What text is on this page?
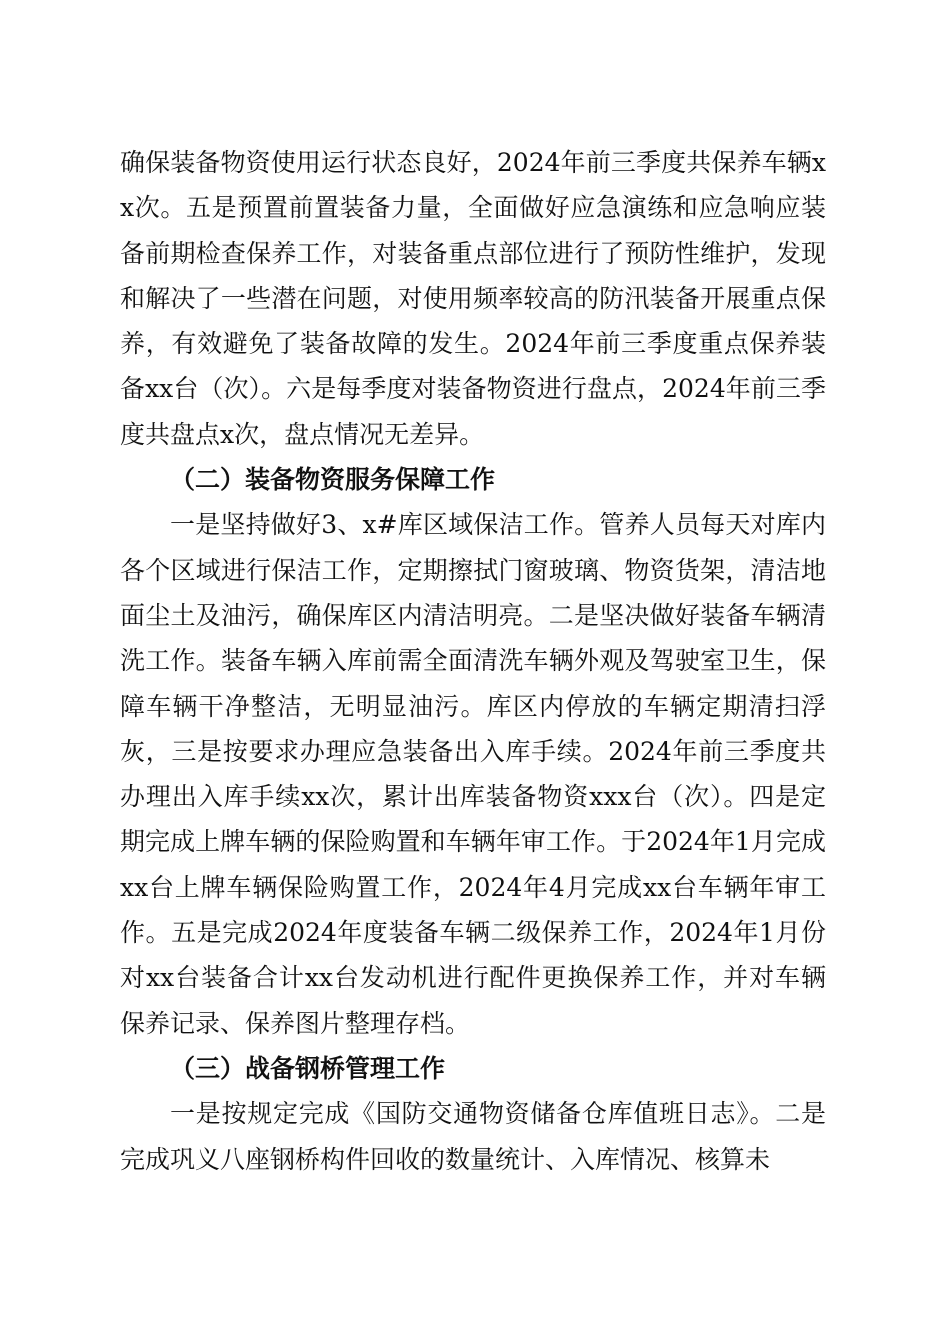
确保装备物资使用运行状态良好，2024年前三季度共保养车辆xx次。五是预置前置装备力量，全面做好应急演练和应急响应装备前期检查保养工作，对装备重点部位进行了预防性维护，发现和解决了一些潜在问题，对使用频率较高的防汛装备开展重点保养，有效避免了装备故障的发生。2024年前三季度重点保养装备xx台（次）。六是每季度对装备物资进行盘点，2024年前三季度共盘点x次，盘点情况无差异。

（二）装备物资服务保障工作

一是坚持做好3、x#库区域保洁工作。管养人员每天对库内各个区域进行保洁工作，定期擦拭门窗玻璃、物资货架，清洁地面尘土及油污，确保库区内清洁明亮。二是坚决做好装备车辆清洗工作。装备车辆入库前需全面清洗车辆外观及驾驶室卫生，保障车辆干净整洁，无明显油污。库区内停放的车辆定期清扫浮灰，三是按要求办理应急装备出入库手续。2024年前三季度共办理出入库手续xx次，累计出库装备物资xxx台（次）。四是定期完成上牌车辆的保险购置和车辆年审工作。于2024年1月完成xx台上牌车辆保险购置工作，2024年4月完成xx台车辆年审工作。五是完成2024年度装备车辆二级保养工作，2024年1月份对xx台装备合计xx台发动机进行配件更换保养工作，并对车辆保养记录、保养图片整理存档。

（三）战备钢桥管理工作

一是按规定完成《国防交通物资储备仓库值班日志》。二是完成巩义八座钢桥构件回收的数量统计、入库情况、核算未
